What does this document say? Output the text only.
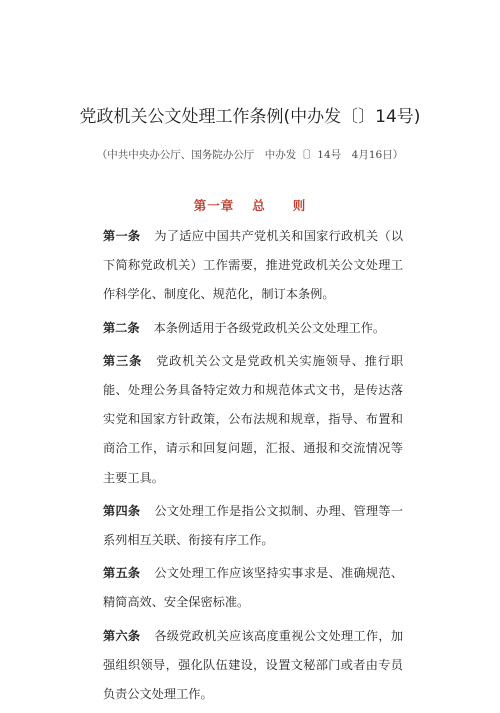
党政机关公文处理工作条例(中办发〔〕14号)
（中共中央办公厅、国务院办公厅　中办发〔〕14号　4月16日）
第一章 总　　则

第一条 为了适应中国共产党机关和国家行政机关（以下简称党政机关）工作需要，推进党政机关公文处理工作科学化、制度化、规范化，制订本条例。

第二条 本条例适用于各级党政机关公文处理工作。

第三条 党政机关公文是党政机关实施领导、推行职能、处理公务具备特定效力和规范体式文书，是传达落实党和国家方针政策，公布法规和规章，指导、布置和商洽工作，请示和回复问题，汇报、通报和交流情况等主要工具。

第四条 公文处理工作是指公文拟制、办理、管理等一系列相互关联、衔接有序工作。

第五条 公文处理工作应该坚持实事求是、准确规范、精简高效、安全保密标准。

第六条 各级党政机关应该高度重视公文处理工作，加强组织领导，强化队伍建设，设置文秘部门或者由专员负责公文处理工作。
